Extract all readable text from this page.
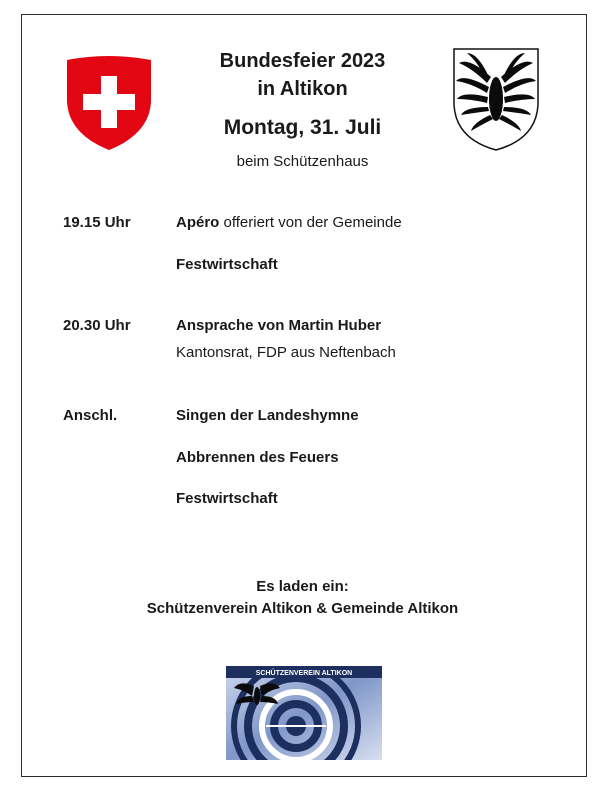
Bundesfeier 2023
in Altikon
Montag, 31. Juli
beim Schützenhaus
19.15 Uhr	Apéro offeriert von der Gemeinde
Festwirtschaft
20.30 Uhr	Ansprache von Martin Huber
Kantonsrat, FDP aus Neftenbach
Anschl.	Singen der Landeshymne
Abbrennen des Feuers
Festwirtschaft
Es laden ein:
Schützenverein Altikon & Gemeinde Altikon
SCHÜTZENVEREIN ALTIKON
